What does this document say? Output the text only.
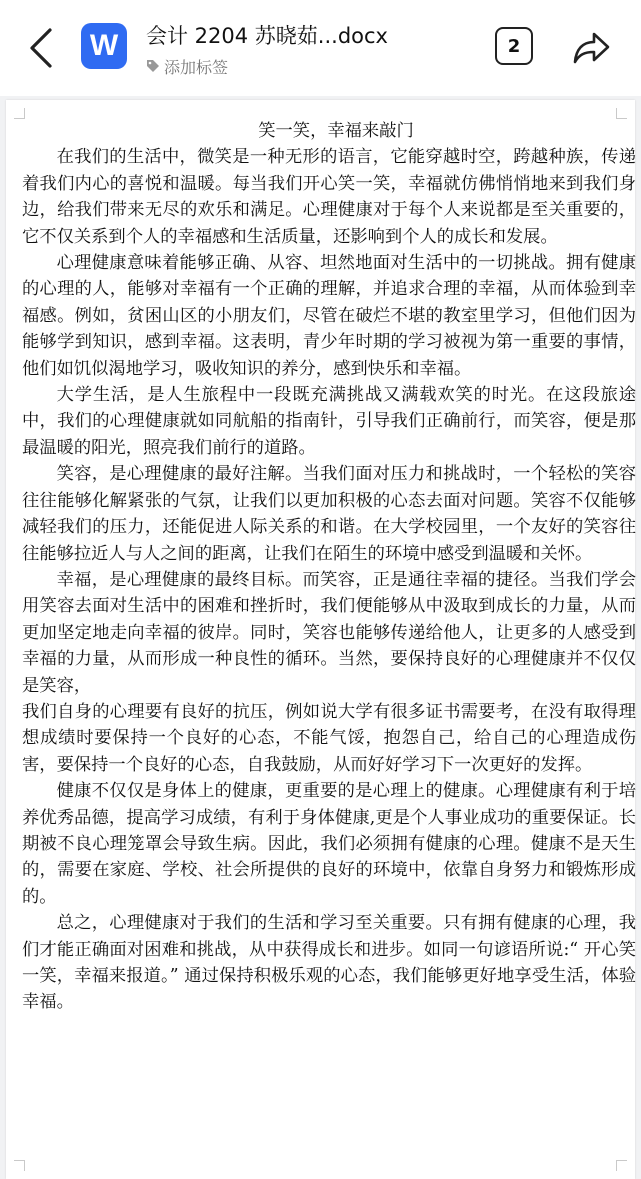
W	会计 2204 苏晓茹...docx
添加标签
2
笑一笑，幸福来敲门

在我们的生活中，微笑是一种无形的语言，它能穿越时空，跨越种族，传递着我们内心的喜悦和温暖。每当我们开心笑一笑，幸福就仿佛悄悄地来到我们身边，给我们带来无尽的欢乐和满足。心理健康对于每个人来说都是至关重要的，它不仅关系到个人的幸福感和生活质量，还影响到个人的成长和发展。

心理健康意味着能够正确、从容、坦然地面对生活中的一切挑战。拥有健康的心理的人，能够对幸福有一个正确的理解，并追求合理的幸福，从而体验到幸福感。例如，贫困山区的小朋友们，尽管在破烂不堪的教室里学习，但他们因为能够学到知识，感到幸福。这表明，青少年时期的学习被视为第一重要的事情，他们如饥似渴地学习，吸收知识的养分，感到快乐和幸福。

大学生活，是人生旅程中一段既充满挑战又满载欢笑的时光。在这段旅途中，我们的心理健康就如同航船的指南针，引导我们正确前行，而笑容，便是那最温暖的阳光，照亮我们前行的道路。

笑容，是心理健康的最好注解。当我们面对压力和挑战时，一个轻松的笑容往往能够化解紧张的气氛，让我们以更加积极的心态去面对问题。笑容不仅能够减轻我们的压力，还能促进人际关系的和谐。在大学校园里，一个友好的笑容往往能够拉近人与人之间的距离，让我们在陌生的环境中感受到温暖和关怀。

幸福，是心理健康的最终目标。而笑容，正是通往幸福的捷径。当我们学会用笑容去面对生活中的困难和挫折时，我们便能够从中汲取到成长的力量，从而更加坚定地走向幸福的彼岸。同时，笑容也能够传递给他人，让更多的人感受到幸福的力量，从而形成一种良性的循环。当然，要保持良好的心理健康并不仅仅是笑容，

我们自身的心理要有良好的抗压，例如说大学有很多证书需要考，在没有取得理想成绩时要保持一个良好的心态，不能气馁，抱怨自己，给自己的心理造成伤害，要保持一个良好的心态，自我鼓励，从而好好学习下一次更好的发挥。

健康不仅仅是身体上的健康，更重要的是心理上的健康。心理健康有利于培养优秀品德，提高学习成绩，有利于身体健康,更是个人事业成功的重要保证。长期被不良心理笼罩会导致生病。因此，我们必须拥有健康的心理。健康不是天生的，需要在家庭、学校、社会所提供的良好的环境中，依靠自身努力和锻炼形成的。

总之，心理健康对于我们的生活和学习至关重要。只有拥有健康的心理，我们才能正确面对困难和挑战，从中获得成长和进步。如同一句谚语所说:“ 开心笑一笑，幸福来报道。” 通过保持积极乐观的心态，我们能够更好地享受生活，体验幸福。
